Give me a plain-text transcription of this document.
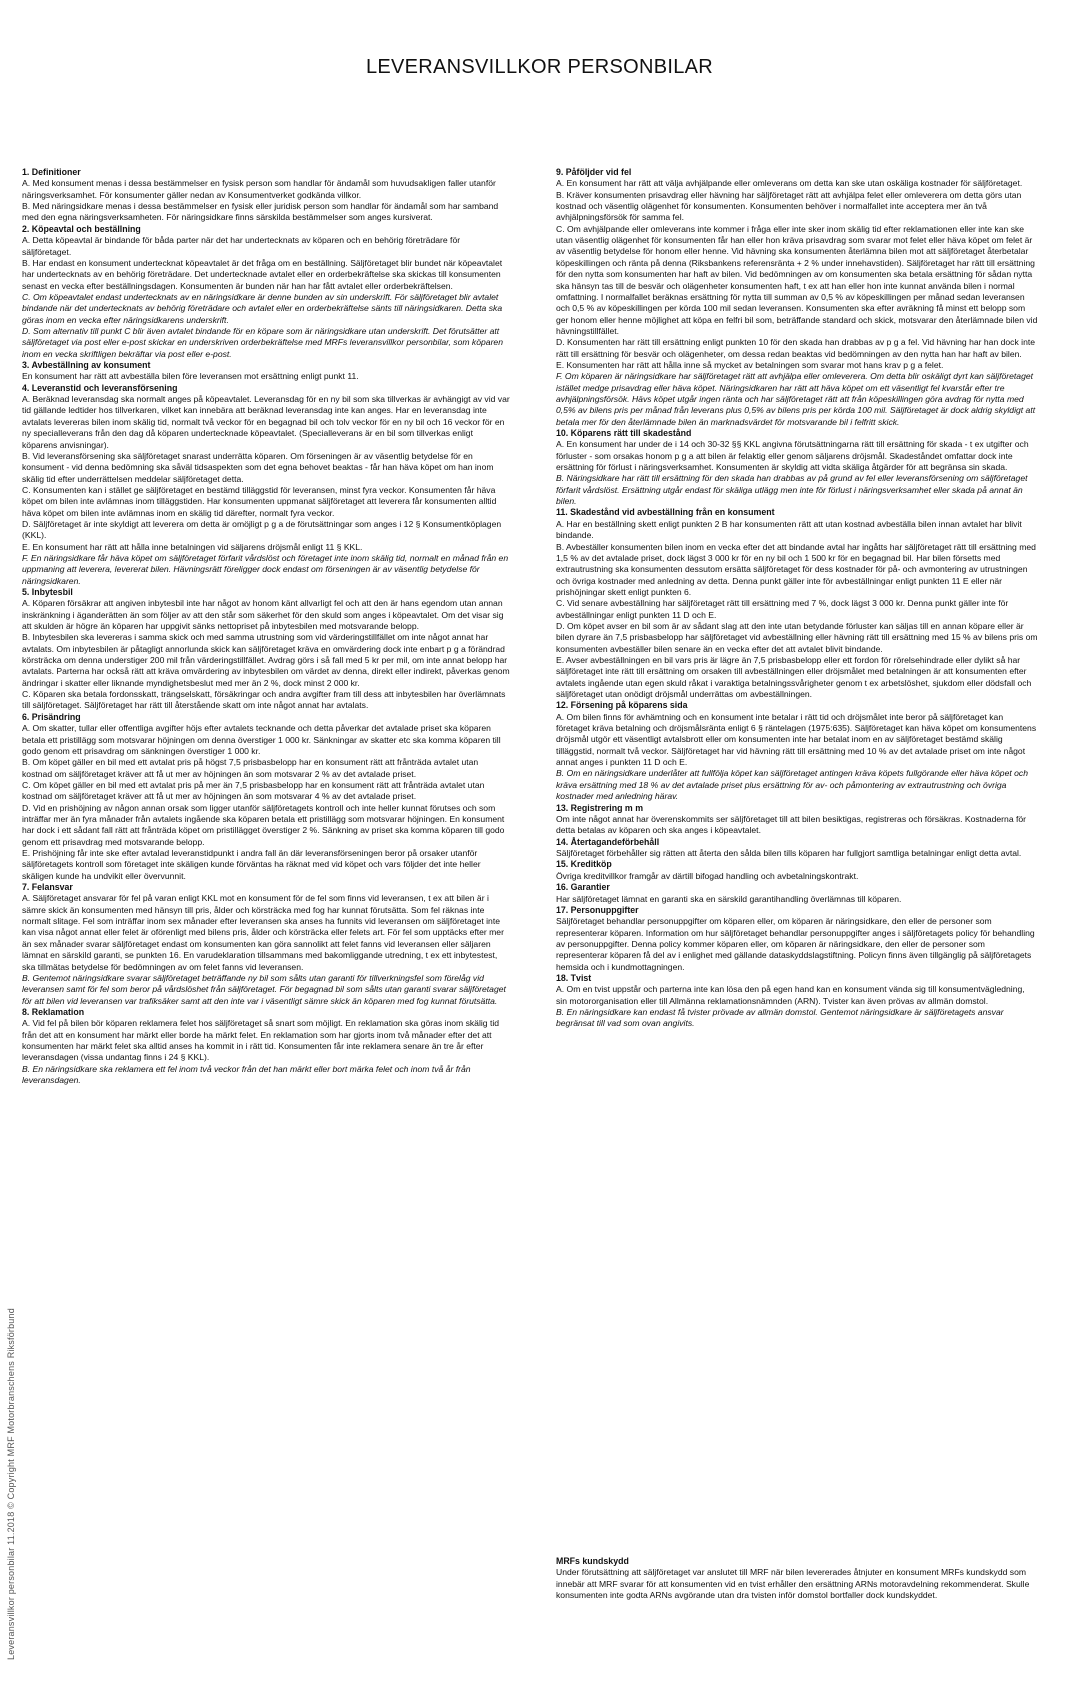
LEVERANSVILLKOR PERSONBILAR
1. Definitioner

A. Med konsument menas i dessa bestämmelser en fysisk person som handlar för ändamål som huvudsakligen faller utanför näringsverksamhet. För konsumenter gäller nedan av Konsumentverket godkända villkor.

B. Med näringsidkare menas i dessa bestämmelser en fysisk eller juridisk person som handlar för ändamål som har samband med den egna näringsverksamheten. För näringsidkare finns särskilda bestämmelser som anges kursiverat.

2. Köpeavtal och beställning

A. Detta köpeavtal är bindande för båda parter när det har undertecknats av köparen och en behörig företrädare för säljföretaget.

B. Har endast en konsument undertecknat köpeavtalet är det fråga om en beställning. Säljföretaget blir bundet när köpeavtalet har undertecknats av en behörig företrädare. Det undertecknade avtalet eller en orderbekräftelse ska skickas till konsumenten senast en vecka efter beställningsdagen. Konsumenten är bunden när han har fått avtalet eller orderbekräftelsen.

C. Om köpeavtalet endast undertecknats av en näringsidkare är denne bunden av sin underskrift. För säljföretaget blir avtalet bindande när det undertecknats av behörig företrädare och avtalet eller en orderbekräftelse sänts till näringsidkaren. Detta ska göras inom en vecka efter näringsidkarens underskrift.

D. Som alternativ till punkt C blir även avtalet bindande för en köpare som är näringsidkare utan underskrift. Det förutsätter att säljföretaget via post eller e-post skickar en underskriven orderbekräftelse med MRFs leveransvillkor personbilar, som köparen inom en vecka skriftligen bekräftar via post eller e-post.

3. Avbeställning av konsument

En konsument har rätt att avbeställa bilen före leveransen mot ersättning enligt punkt 11.

4. Leveranstid och leveransförsening

A. Beräknad leveransdag ska normalt anges på köpeavtalet. Leveransdag för en ny bil som ska tillverkas är avhängigt av vid var tid gällande ledtider hos tillverkaren, vilket kan innebära att beräknad leveransdag inte kan anges. Har en leveransdag inte avtalats levereras bilen inom skälig tid, normalt två veckor för en begagnad bil och tolv veckor för en ny bil och 16 veckor för en ny specialleverans från den dag då köparen undertecknade köpeavtalet. (Specialleverans är en bil som tillverkas enligt köparens anvisningar).

B. Vid leveransförsening ska säljföretaget snarast underrätta köparen. Om förseningen är av väsentlig betydelse för en konsument - vid denna bedömning ska såväl tidsaspekten som det egna behovet beaktas - får han häva köpet om han inom skälig tid efter underrättelsen meddelar säljföretaget detta.

C. Konsumenten kan i stället ge säljföretaget en bestämd tilläggstid för leveransen, minst fyra veckor. Konsumenten får häva köpet om bilen inte avlämnas inom tilläggstiden. Har konsumenten uppmanat säljföretaget att leverera får konsumenten alltid häva köpet om bilen inte avlämnas inom en skälig tid därefter, normalt fyra veckor.

D. Säljföretaget är inte skyldigt att leverera om detta är omöjligt p g a de förutsättningar som anges i 12 § Konsumentköplagen (KKL).

E. En konsument har rätt att hålla inne betalningen vid säljarens dröjsmål enligt 11 § KKL.

F. En näringsidkare får häva köpet om säljföretaget förfarit vårdslöst och företaget inte inom skälig tid, normalt en månad från en uppmaning att leverera, levererat bilen. Hävningsrätt föreligger dock endast om förseningen är av väsentlig betydelse för näringsidkaren.

5. Inbytesbil

A. Köparen försäkrar att angiven inbytesbil inte har något av honom känt allvarligt fel och att den är hans egendom utan annan inskränkning i äganderätten än som följer av att den står som säkerhet för den skuld som anges i köpeavtalet. Om det visar sig att skulden är högre än köparen har uppgivit sänks nettopriset på inbytesbilen med motsvarande belopp.

B. Inbytesbilen ska levereras i samma skick och med samma utrustning som vid värderingstillfället om inte något annat har avtalats. Om inbytesbilen är påtagligt annorlunda skick kan säljföretaget kräva en omvärdering dock inte enbart p g a förändrad körsträcka om denna understiger 200 mil från värderingstillfället. Avdrag görs i så fall med 5 kr per mil, om inte annat belopp har avtalats. Parterna har också rätt att kräva omvärdering av inbytesbilen om värdet av denna, direkt eller indirekt, påverkas genom ändringar i skatter eller liknande myndighetsbeslut med mer än 2 %, dock minst 2 000 kr.

C. Köparen ska betala fordonsskatt, trängselskatt, försäkringar och andra avgifter fram till dess att inbytesbilen har överlämnats till säljföretaget. Säljföretaget har rätt till återstående skatt om inte något annat har avtalats.

6. Prisändring

A. Om skatter, tullar eller offentliga avgifter höjs efter avtalets tecknande och detta påverkar det avtalade priset ska köparen betala ett pristillägg som motsvarar höjningen om denna överstiger 1 000 kr. Sänkningar av skatter etc ska komma köparen till godo genom ett prisavdrag om sänkningen överstiger 1 000 kr.

B. Om köpet gäller en bil med ett avtalat pris på högst 7,5 prisbasbelopp har en konsument rätt att frånträda avtalet utan kostnad om säljföretaget kräver att få ut mer av höjningen än som motsvarar 2 % av det avtalade priset.

C. Om köpet gäller en bil med ett avtalat pris på mer än 7,5 prisbasbelopp har en konsument rätt att frånträda avtalet utan kostnad om säljföretaget kräver att få ut mer av höjningen än som motsvarar 4 % av det avtalade priset.

D. Vid en prishöjning av någon annan orsak som ligger utanför säljföretagets kontroll och inte heller kunnat förutses och som inträffar mer än fyra månader från avtalets ingående ska köparen betala ett pristillägg som motsvarar höjningen. En konsument har dock i ett sådant fall rätt att frånträda köpet om pristillägget överstiger 2 %. Sänkning av priset ska komma köparen till godo genom ett prisavdrag med motsvarande belopp.

E. Prishöjning får inte ske efter avtalad leveranstidpunkt i andra fall än där leveransförseningen beror på orsaker utanför säljföretagets kontroll som företaget inte skäligen kunde förväntas ha räknat med vid köpet och vars följder det inte heller skäligen kunde ha undvikit eller övervunnit.

7. Felansvar

A. Säljföretaget ansvarar för fel på varan enligt KKL mot en konsument för de fel som finns vid leveransen, t ex att bilen är i sämre skick än konsumenten med hänsyn till pris, ålder och körsträcka med fog har kunnat förutsätta. Som fel räknas inte normalt slitage. Fel som inträffar inom sex månader efter leveransen ska anses ha funnits vid leveransen om säljföretaget inte kan visa något annat eller felet är oförenligt med bilens pris, ålder och körsträcka eller felets art. För fel som upptäcks efter mer än sex månader svarar säljföretaget endast om konsumenten kan göra sannolikt att felet fanns vid leveransen eller säljaren lämnat en särskild garanti, se punkten 16. En varudeklaration tillsammans med bakomliggande utredning, t ex ett inbytestest, ska tillmätas betydelse för bedömningen av om felet fanns vid leveransen.

B. Gentemot näringsidkare svarar säljföretaget beträffande ny bil som sålts utan garanti för tillverkningsfel som förelåg vid leveransen samt för fel som beror på vårdslöshet från säljföretaget. För begagnad bil som sålts utan garanti svarar säljföretaget för att bilen vid leveransen var trafiksäker samt att den inte var i väsentligt sämre skick än köparen med fog kunnat förutsätta.

8. Reklamation

A. Vid fel på bilen bör köparen reklamera felet hos säljföretaget så snart som möjligt. En reklamation ska göras inom skälig tid från det att en konsument har märkt eller borde ha märkt felet. En reklamation som har gjorts inom två månader efter det att konsumenten har märkt felet ska alltid anses ha kommit in i rätt tid. Konsumenten får inte reklamera senare än tre år efter leveransdagen (vissa undantag finns i 24 § KKL).

B. En näringsidkare ska reklamera ett fel inom två veckor från det han märkt eller bort märka felet och inom två år från leveransdagen.

9. Påföljder vid fel

A. En konsument har rätt att välja avhjälpande eller omleverans om detta kan ske utan oskäliga kostnader för säljföretaget.

B. Kräver konsumenten prisavdrag eller hävning har säljföretaget rätt att avhjälpa felet eller omleverera om detta görs utan kostnad och väsentlig olägenhet för konsumenten. Konsumenten behöver i normalfallet inte acceptera mer än två avhjälpningsförsök för samma fel.

C. Om avhjälpande eller omleverans inte kommer i fråga eller inte sker inom skälig tid efter reklamationen eller inte kan ske utan väsentlig olägenhet för konsumenten får han eller hon kräva prisavdrag som svarar mot felet eller häva köpet om felet är av väsentlig betydelse för honom eller henne. Vid hävning ska konsumenten återlämna bilen mot att säljföretaget återbetalar köpeskillingen och ränta på denna (Riksbankens referensränta + 2 % under innehavstiden). Säljföretaget har rätt till ersättning för den nytta som konsumenten har haft av bilen. Vid bedömningen av om konsumenten ska betala ersättning för sådan nytta ska hänsyn tas till de besvär och olägenheter konsumenten haft, t ex att han eller hon inte kunnat använda bilen i normal omfattning. I normalfallet beräknas ersättning för nytta till summan av 0,5 % av köpeskillingen per månad sedan leveransen och 0,5 % av köpeskillingen per körda 100 mil sedan leveransen. Konsumenten ska efter avräkning få minst ett belopp som ger honom eller henne möjlighet att köpa en felfri bil som, beträffande standard och skick, motsvarar den återlämnade bilen vid hävningstillfället.

D. Konsumenten har rätt till ersättning enligt punkten 10 för den skada han drabbas av p g a fel. Vid hävning har han dock inte rätt till ersättning för besvär och olägenheter, om dessa redan beaktas vid bedömningen av den nytta han har haft av bilen.

E. Konsumenten har rätt att hålla inne så mycket av betalningen som svarar mot hans krav p g a felet.

F. Om köparen är näringsidkare har säljföretaget rätt att avhjälpa eller omleverera. Om detta blir oskäligt dyrt kan säljföretaget istället medge prisavdrag eller häva köpet. Näringsidkaren har rätt att häva köpet om ett väsentligt fel kvarstår efter tre avhjälpningsförsök. Hävs köpet utgår ingen ränta och har säljföretaget rätt att från köpeskillingen göra avdrag för nytta med 0,5% av bilens pris per månad från leverans plus 0,5% av bilens pris per körda 100 mil. Säljföretaget är dock aldrig skyldigt att betala mer för den återlämnade bilen än marknadsvärdet för motsvarande bil i felfritt skick.

10. Köparens rätt till skadestånd

A. En konsument har under de i 14 och 30-32 §§ KKL angivna förutsättningarna rätt till ersättning för skada - t ex utgifter och förluster - som orsakas honom p g a att bilen är felaktig eller genom säljarens dröjsmål. Skadeståndet omfattar dock inte ersättning för förlust i näringsverksamhet. Konsumenten är skyldig att vidta skäliga åtgärder för att begränsa sin skada.

B. Näringsidkare har rätt till ersättning för den skada han drabbas av på grund av fel eller leveransförsening om säljföretaget förfarit vårdslöst. Ersättning utgår endast för skäliga utlägg men inte för förlust i näringsverksamhet eller skada på annat än bilen.

11. Skadestånd vid avbeställning från en konsument

A. Har en beställning skett enligt punkten 2 B har konsumenten rätt att utan kostnad avbeställa bilen innan avtalet har blivit bindande.

B. Avbeställer konsumenten bilen inom en vecka efter det att bindande avtal har ingåtts har säljföretaget rätt till ersättning med 1,5 % av det avtalade priset, dock lägst 3 000 kr för en ny bil och 1 500 kr för en begagnad bil. Har bilen försetts med extrautrustning ska konsumenten dessutom ersätta säljföretaget för dess kostnader för på- och avmontering av utrustningen och övriga kostnader med anledning av detta. Denna punkt gäller inte för avbeställningar enligt punkten 11 E eller när prishöjningar skett enligt punkten 6.

C. Vid senare avbeställning har säljföretaget rätt till ersättning med 7 %, dock lägst 3 000 kr. Denna punkt gäller inte för avbeställningar enligt punkten 11 D och E.

D. Om köpet avser en bil som är av sådant slag att den inte utan betydande förluster kan säljas till en annan köpare eller är bilen dyrare än 7,5 prisbasbelopp har säljföretaget vid avbeställning eller hävning rätt till ersättning med 15 % av bilens pris om konsumenten avbeställer bilen senare än en vecka efter det att avtalet blivit bindande.

E. Avser avbeställningen en bil vars pris är lägre än 7,5 prisbasbelopp eller ett fordon för rörelsehindrade eller dylikt så har säljföretaget inte rätt till ersättning om orsaken till avbeställningen eller dröjsmålet med betalningen är att konsumenten efter avtalets ingående utan egen skuld råkat i varaktiga betalningssvårigheter genom t ex arbetslöshet, sjukdom eller dödsfall och säljföretaget utan onödigt dröjsmål underrättas om avbeställningen.

12. Försening på köparens sida

A. Om bilen finns för avhämtning och en konsument inte betalar i rätt tid och dröjsmålet inte beror på säljföretaget kan företaget kräva betalning och dröjsmålsränta enligt 6 § räntelagen (1975:635). Säljföretaget kan häva köpet om konsumentens dröjsmål utgör ett väsentligt avtalsbrott eller om konsumenten inte har betalat inom en av säljföretaget bestämd skälig tilläggstid, normalt två veckor. Säljföretaget har vid hävning rätt till ersättning med 10 % av det avtalade priset om inte något annat anges i punkten 11 D och E.

B. Om en näringsidkare underlåter att fullfölja köpet kan säljföretaget antingen kräva köpets fullgörande eller häva köpet och kräva ersättning med 18 % av det avtalade priset plus ersättning för av- och påmontering av extrautrustning och övriga kostnader med anledning härav.

13. Registrering m m

Om inte något annat har överenskommits ser säljföretaget till att bilen besiktigas, registreras och försäkras. Kostnaderna för detta betalas av köparen och ska anges i köpeavtalet.

14. Återtagandeförbehåll

Säljföretaget förbehåller sig rätten att återta den sålda bilen tills köparen har fullgjort samtliga betalningar enligt detta avtal.

15. Kreditköp

Övriga kreditvillkor framgår av därtill bifogad handling och avbetalningskontrakt.

16. Garantier

Har säljföretaget lämnat en garanti ska en särskild garantihandling överlämnas till köparen.

17. Personuppgifter

Säljföretaget behandlar personuppgifter om köparen eller, om köparen är näringsidkare, den eller de personer som representerar köparen. Information om hur säljföretaget behandlar personuppgifter anges i säljföretagets policy för behandling av personuppgifter. Denna policy kommer köparen eller, om köparen är näringsidkare, den eller de personer som representerar köparen få del av i enlighet med gällande dataskyddslagstiftning. Policyn finns även tillgänglig på säljföretagets hemsida och i kundmottagningen.

18. Tvist

A. Om en tvist uppstår och parterna inte kan lösa den på egen hand kan en konsument vända sig till konsumentvägledning, sin motororganisation eller till Allmänna reklamationsnämnden (ARN). Tvister kan även prövas av allmän domstol.

B. En näringsidkare kan endast få tvister prövade av allmän domstol. Gentemot näringsidkare är säljföretagets ansvar begränsat till vad som ovan angivits.

MRFs kundskydd

Under förutsättning att säljföretaget var anslutet till MRF när bilen levererades åtnjuter en konsument MRFs kundskydd som innebär att MRF svarar för att konsumenten vid en tvist erhåller den ersättning ARNs motoravdelning rekommenderat. Skulle konsumenten inte godta ARNs avgörande utan dra tvisten inför domstol bortfaller dock kundskyddet.

Leveransvillkor personbilar 11.2018 © Copyright MRF Motorbranschens Riksförbund
